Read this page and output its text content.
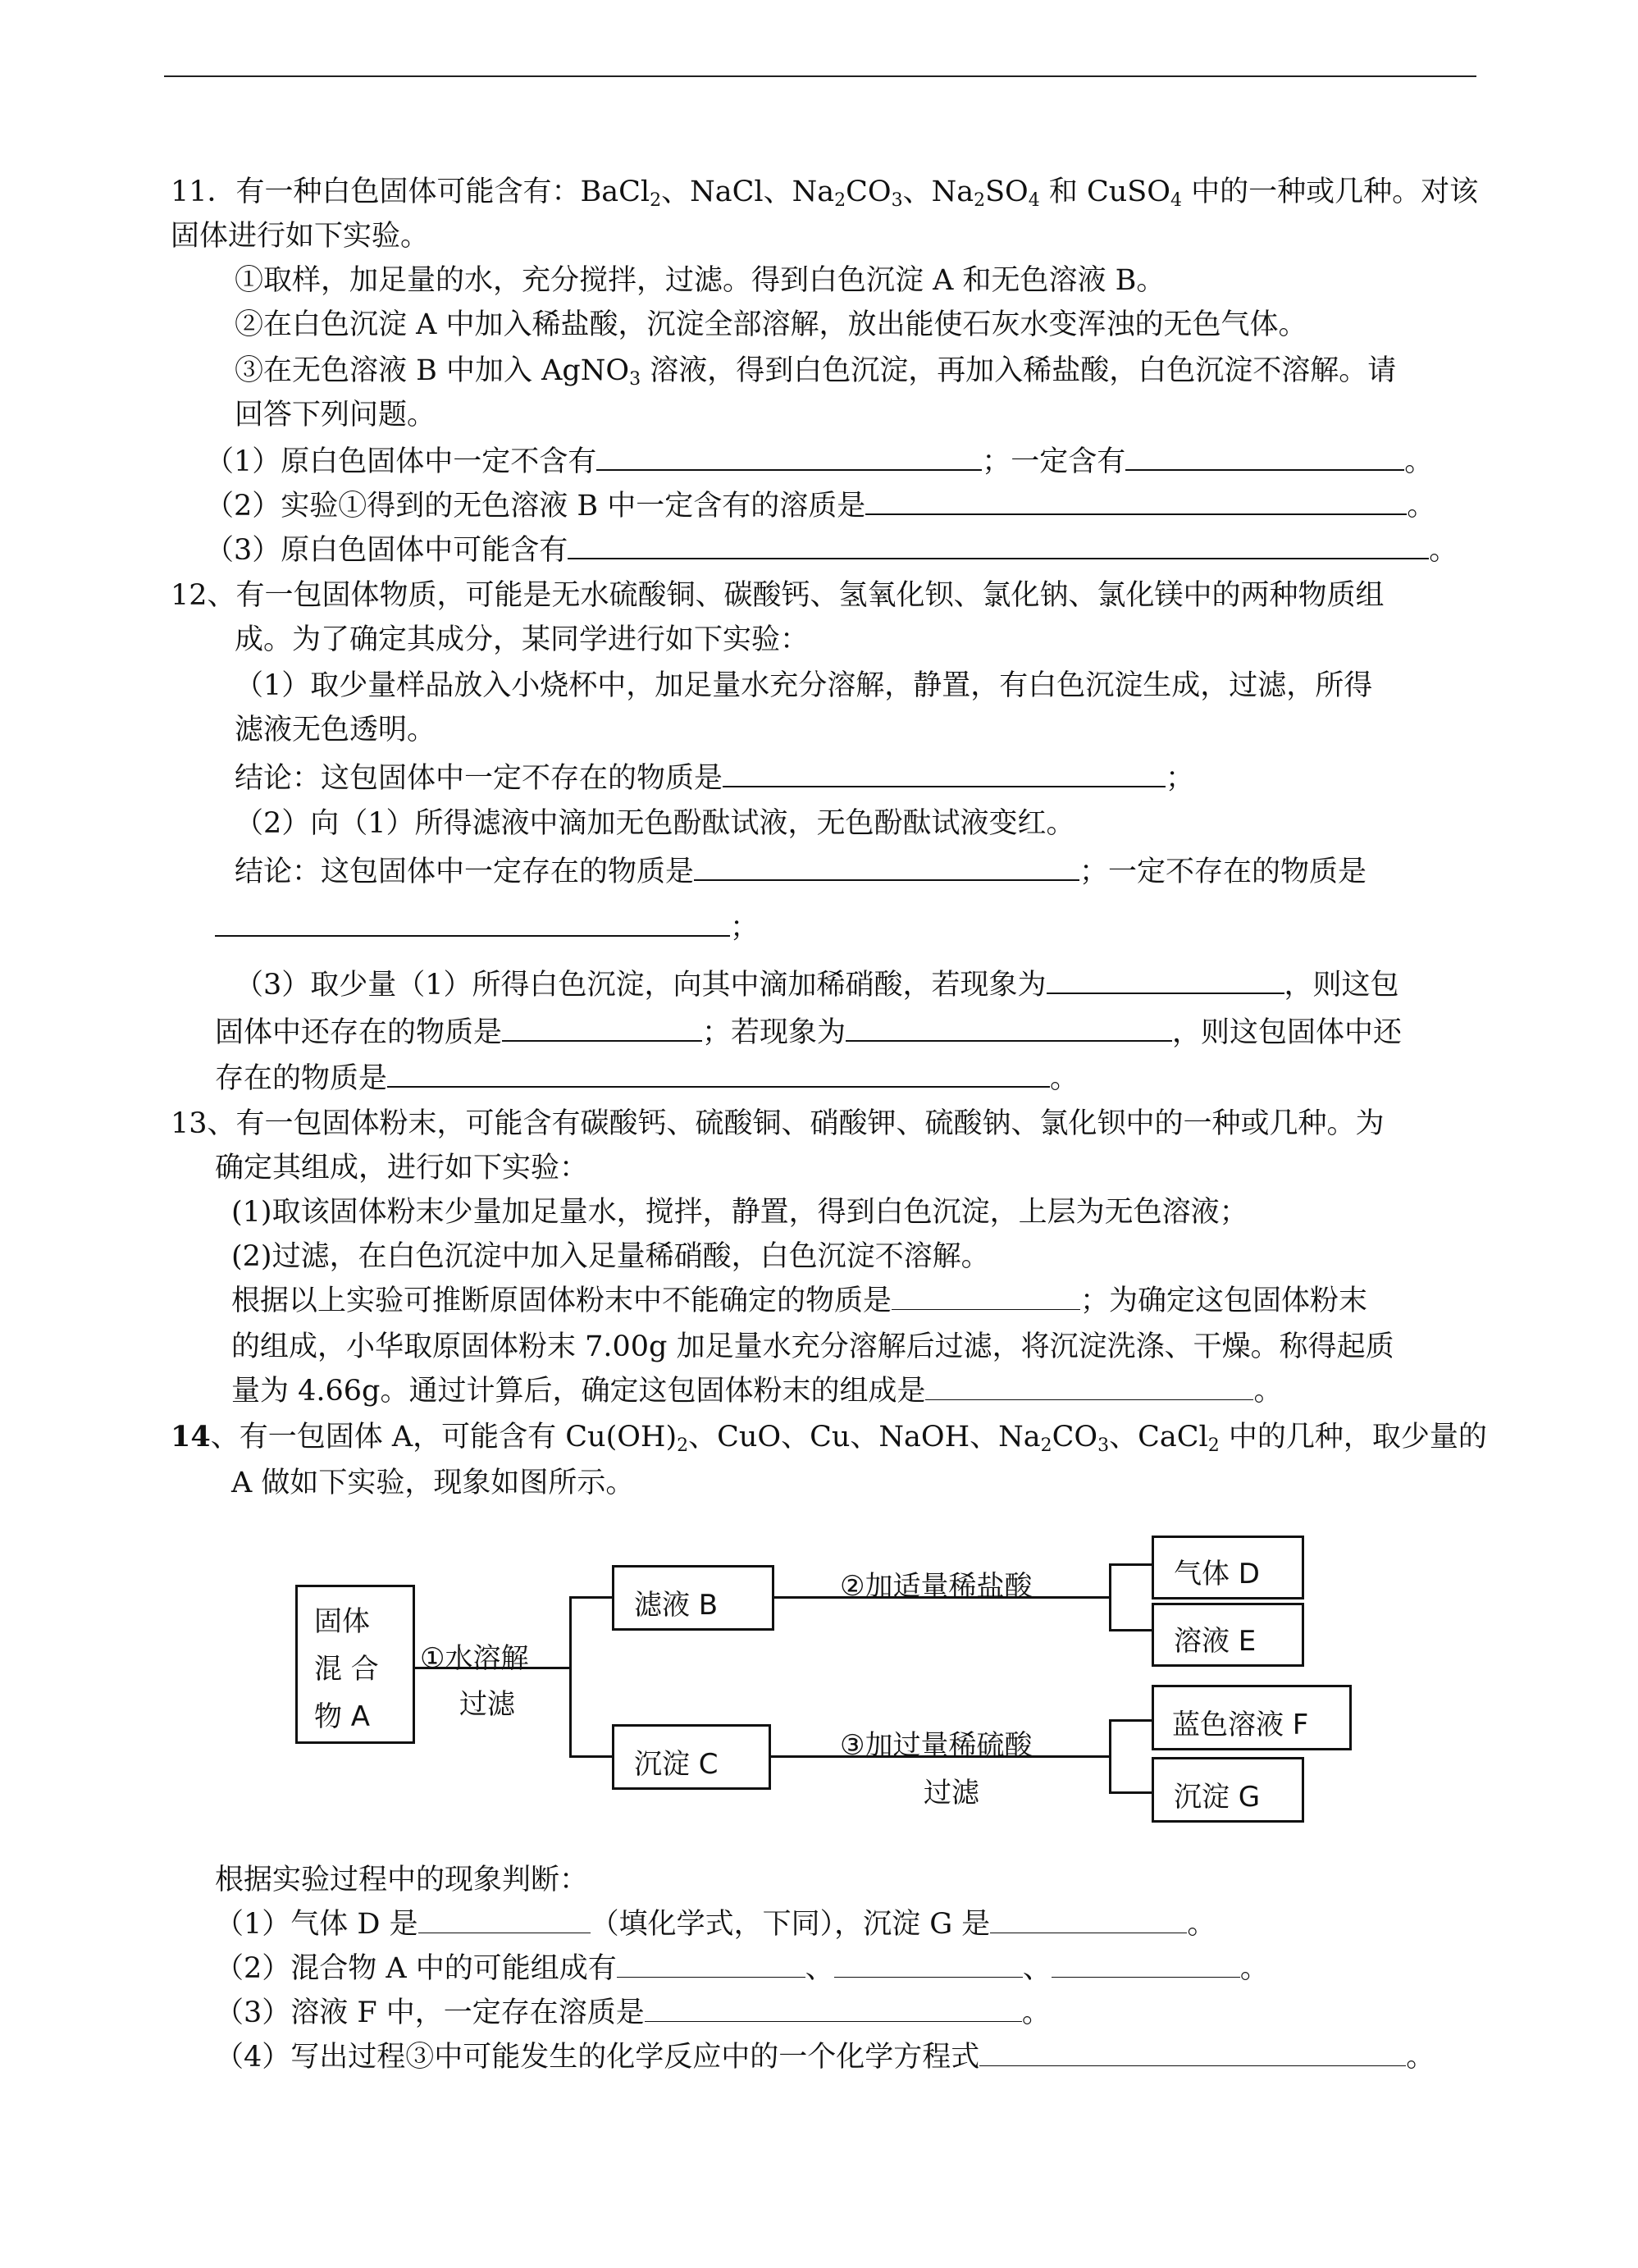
11．有一种白色固体可能含有：BaCl$_2$、NaCl、$Na_2CO_3$、$Na_2SO_4$ 和 CuSO$_4$ 中的一种或几种。对该
固体进行如下实验。
①取样，加足量的水，充分搅拌，过滤。得到白色沉淀 A 和无色溶液 B。
②在白色沉淀 A 中加入稀盐酸，沉淀全部溶解，放出能使石灰水变浑浊的无色气体。
③在无色溶液 B 中加入 AgNO$_3$ 溶液，得到白色沉淀，再加入稀盐酸，白色沉淀不溶解。请
回答下列问题。
（1）原白色固体中一定不含有	；一定含有	。
（2）实验①得到的无色溶液 B 中一定含有的溶质是	。
（3）原白色固体中可能含有	。
12、有一包固体物质，可能是无水硫酸铜、碳酸钙、氢氧化钡、氯化钠、氯化镁中的两种物质组
成。为了确定其成分，某同学进行如下实验：
（1）取少量样品放入小烧杯中，加足量水充分溶解，静置，有白色沉淀生成，过滤，所得
滤液无色透明。
结论：这包固体中一定不存在的物质是	；
（2）向（1）所得滤液中滴加无色酚酞试液，无色酚酞试液变红。
结论：这包固体中一定存在的物质是	；一定不存在的物质是
；
（3）取少量（1）所得白色沉淀，向其中滴加稀硝酸，若现象为	，则这包
固体中还存在的物质是	；若现象为	，则这包固体中还
存在的物质是	。
13、有一包固体粉末，可能含有碳酸钙、硫酸铜、硝酸钾、硫酸钠、氯化钡中的一种或几种。为
确定其组成，进行如下实验：
(1)取该固体粉末少量加足量水，搅拌，静置，得到白色沉淀，上层为无色溶液；
(2)过滤，在白色沉淀中加入足量稀硝酸，白色沉淀不溶解。
根据以上实验可推断原固体粉末中不能确定的物质是	；为确定这包固体粉末
的组成，小华取原固体粉末 7.00g 加足量水充分溶解后过滤，将沉淀洗涤、干燥。称得起质
量为 4.66g。通过计算后，确定这包固体粉末的组成是	。
14、有一包固体 A，可能含有 $Cu(OH)_2$、CuO、Cu、NaOH、$Na_2CO_3$、CaCl$_2$ 中的几种，取少量的
A 做如下实验，现象如图所示。
固体
混 合
物 A
①水溶解
过滤
滤液 B
沉淀 C
②加适量稀盐酸
③加过量稀硫酸
过滤
气体 D
溶液 E
蓝色溶液 F
沉淀 G
根据实验过程中的现象判断：
（1）气体 D 是	（填化学式，下同），沉淀 G 是	。
（2）混合物 A 中的可能组成有	、	、	。
（3）溶液 F 中，一定存在溶质是	。
（4）写出过程③中可能发生的化学反应中的一个化学方程式	。
